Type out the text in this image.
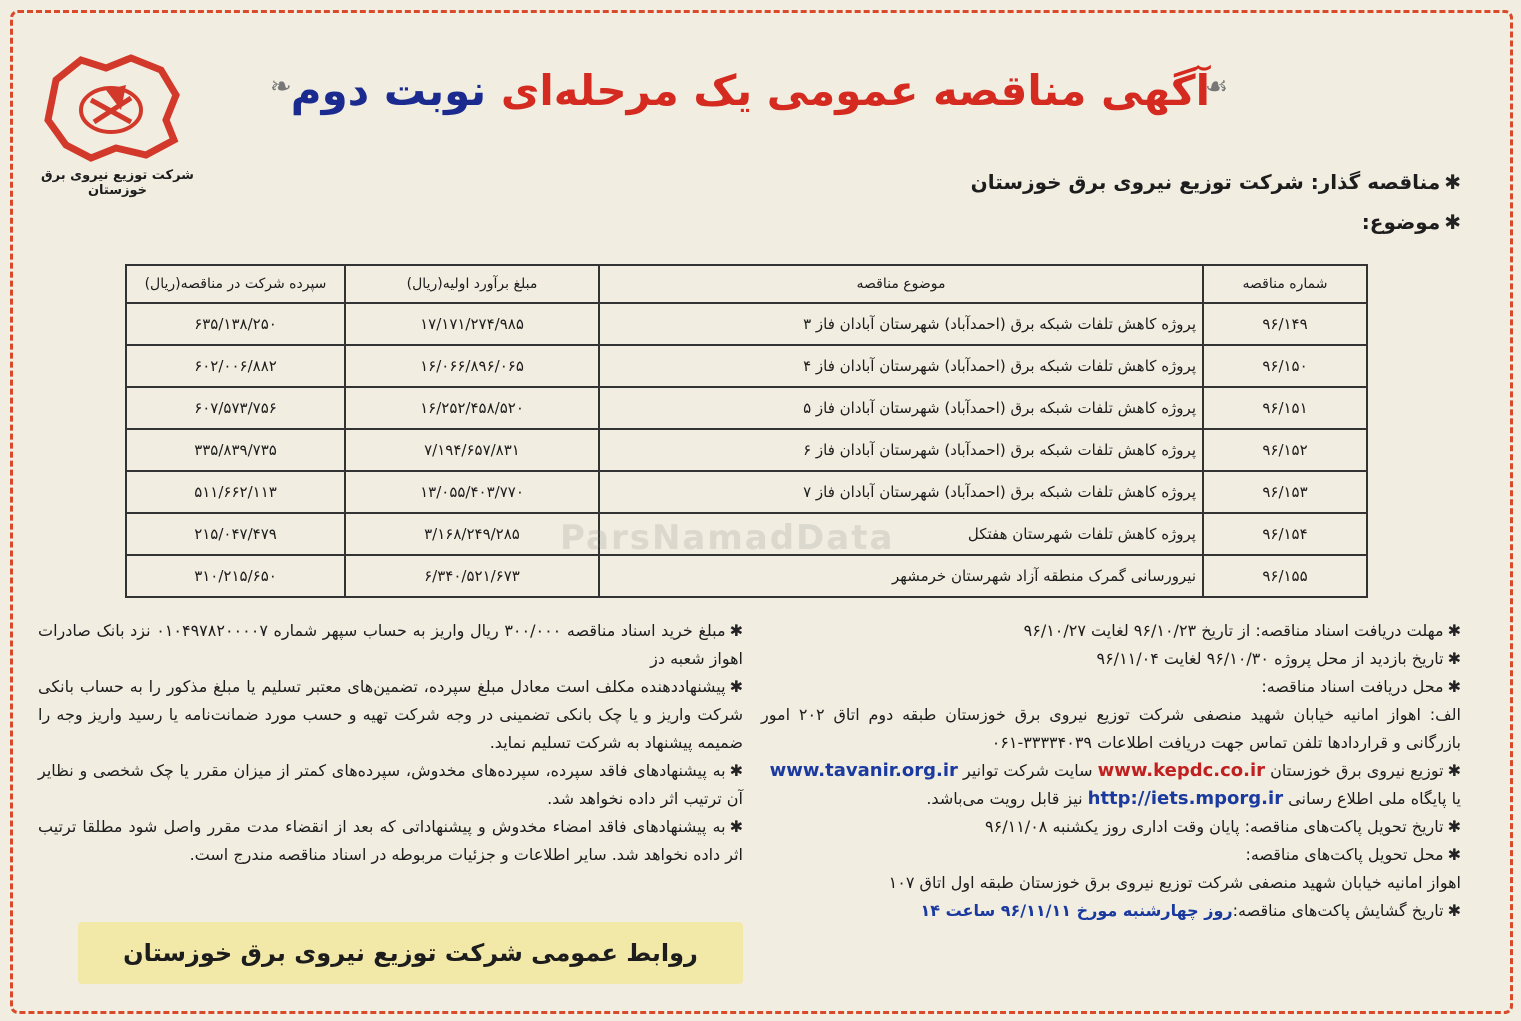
شرکت توزیع نیروی برق خوزستان
❧	☙
آگهی مناقصه عمومی یک مرحله‌ای نوبت دوم
✱مناقصه گذار: شرکت توزیع نیروی برق خوزستان
✱موضوع:
شماره مناقصه	موضوع مناقصه	مبلغ برآورد اولیه(ریال)	سپرده شرکت در مناقصه(ریال)
۹۶/۱۴۹	پروژه کاهش تلفات شبکه برق (احمدآباد) شهرستان آبادان فاز ۳	۱۷/۱۷۱/۲۷۴/۹۸۵	۶۳۵/۱۳۸/۲۵۰
۹۶/۱۵۰	پروژه کاهش تلفات شبکه برق (احمدآباد) شهرستان آبادان فاز ۴	۱۶/۰۶۶/۸۹۶/۰۶۵	۶۰۲/۰۰۶/۸۸۲
۹۶/۱۵۱	پروژه کاهش تلفات شبکه برق (احمدآباد) شهرستان آبادان فاز ۵	۱۶/۲۵۲/۴۵۸/۵۲۰	۶۰۷/۵۷۳/۷۵۶
۹۶/۱۵۲	پروژه کاهش تلفات شبکه برق (احمدآباد) شهرستان آبادان فاز ۶	۷/۱۹۴/۶۵۷/۸۳۱	۳۳۵/۸۳۹/۷۳۵
۹۶/۱۵۳	پروژه کاهش تلفات شبکه برق (احمدآباد) شهرستان آبادان فاز ۷	۱۳/۰۵۵/۴۰۳/۷۷۰	۵۱۱/۶۶۲/۱۱۳
۹۶/۱۵۴	پروژه کاهش تلفات شهرستان هفتکل	۳/۱۶۸/۲۴۹/۲۸۵	۲۱۵/۰۴۷/۴۷۹
۹۶/۱۵۵	نیرورسانی گمرک منطقه آزاد شهرستان خرمشهر	۶/۳۴۰/۵۲۱/۶۷۳	۳۱۰/۲۱۵/۶۵۰
ParsNamadData

✱مهلت دریافت اسناد مناقصه: از تاریخ ۹۶/۱۰/۲۳ لغایت ۹۶/۱۰/۲۷

✱تاریخ بازدید از محل پروژه ۹۶/۱۰/۳۰ لغایت ۹۶/۱۱/۰۴

✱محل دریافت اسناد مناقصه:

الف: اهواز امانیه خیابان شهید منصفی شرکت توزیع نیروی برق خوزستان طبقه دوم اتاق ۲۰۲ امور بازرگانی و قراردادها تلفن تماس جهت دریافت اطلاعات ۳۳۳۳۴۰۳۹-۰۶۱

✱توزیع نیروی برق خوزستان www.kepdc.co.ir سایت شرکت توانیر www.tavanir.org.ir

یا پایگاه ملی اطلاع رسانی http://iets.mporg.ir نیز قابل رویت می‌باشد.

✱تاریخ تحویل پاکت‌های مناقصه: پایان وقت اداری روز یکشنبه ۹۶/۱۱/۰۸

✱محل تحویل پاکت‌های مناقصه:

اهواز امانیه خیابان شهید منصفی شرکت توزیع نیروی برق خوزستان طبقه اول اتاق ۱۰۷

✱تاریخ گشایش پاکت‌های مناقصه:روز چهارشنبه مورخ ۹۶/۱۱/۱۱ ساعت ۱۴

✱مبلغ خرید اسناد مناقصه ۳۰۰/۰۰۰ ریال واریز به حساب سپهر شماره ۰۱۰۴۹۷۸۲۰۰۰۰۷ نزد بانک صادرات اهواز شعبه دز

✱پیشنهاددهنده مکلف است معادل مبلغ سپرده، تضمین‌های معتبر تسلیم یا مبلغ مذکور را به حساب بانکی شرکت واریز و یا چک بانکی تضمینی در وجه شرکت تهیه و حسب مورد ضمانت‌نامه یا رسید واریز وجه را ضمیمه پیشنهاد به شرکت تسلیم نماید.

✱به پیشنهادهای فاقد سپرده، سپرده‌های مخدوش، سپرده‌های کمتر از میزان مقرر یا چک شخصی و نظایر آن ترتیب اثر داده نخواهد شد.

✱به پیشنهادهای فاقد امضاء مخدوش و پیشنهاداتی که بعد از انقضاء مدت مقرر واصل شود مطلقا ترتیب اثر داده نخواهد شد. سایر اطلاعات و جزئیات مربوطه در اسناد مناقصه مندرج است.

روابط عمومی شرکت توزیع نیروی برق خوزستان
